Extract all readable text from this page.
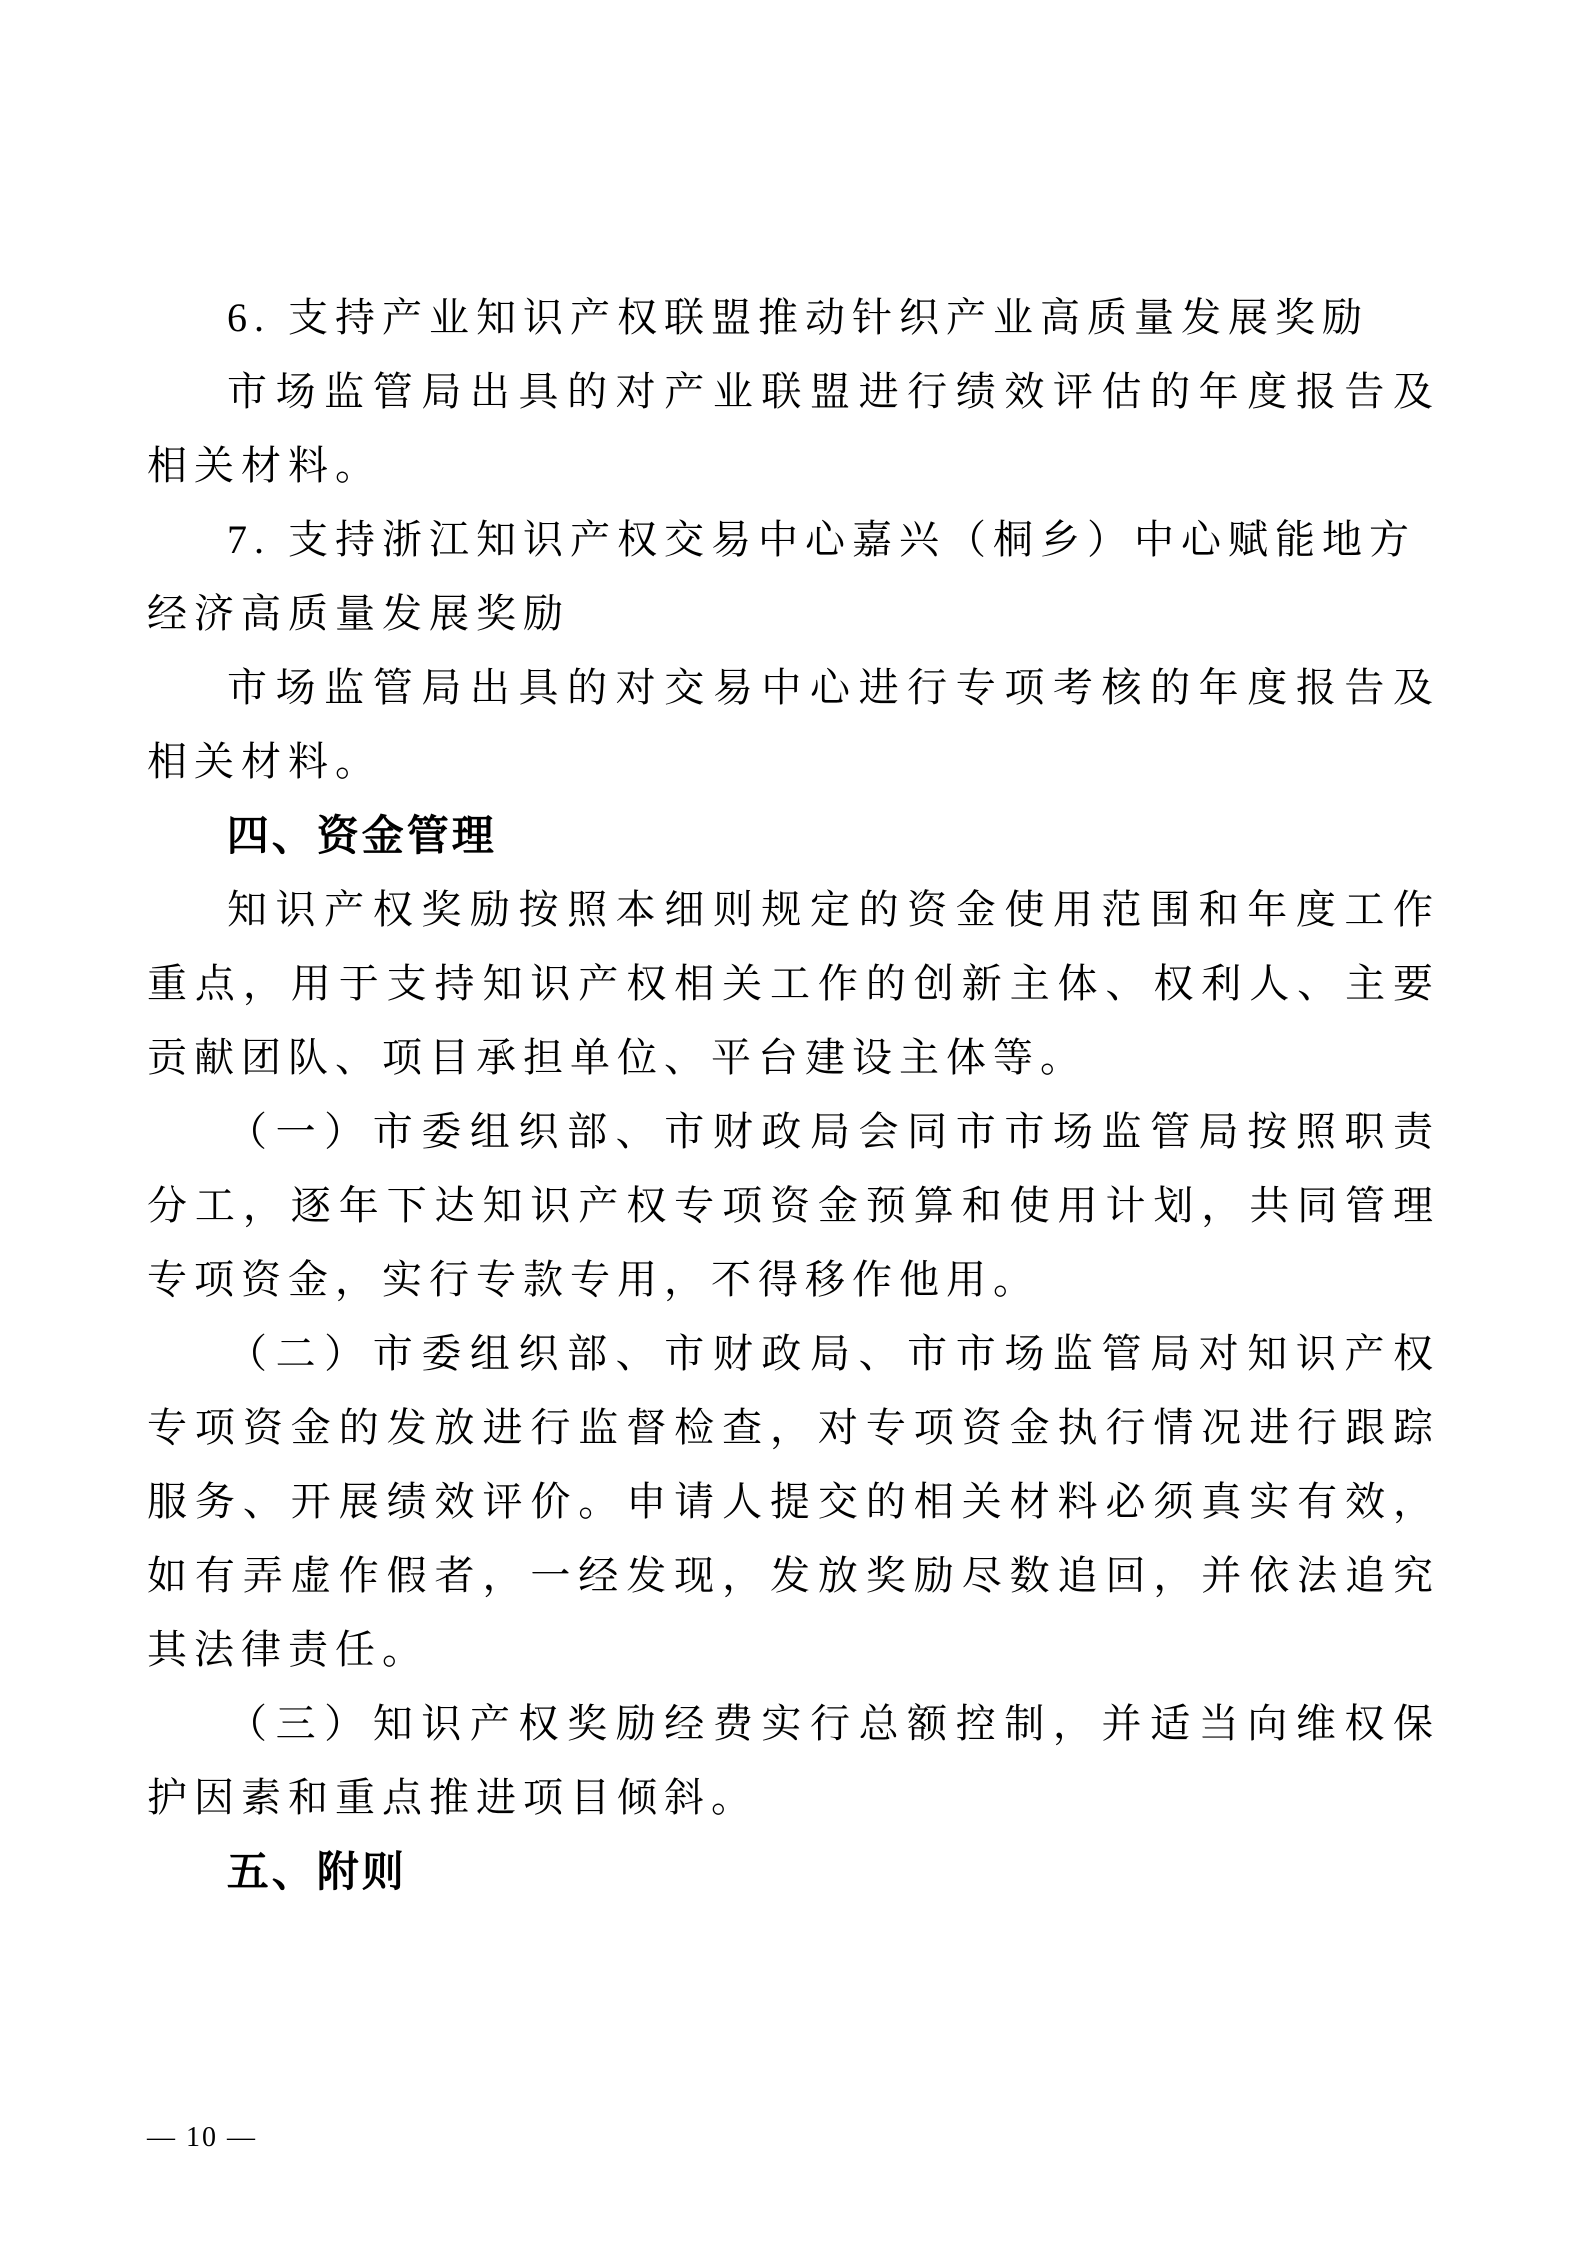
6. 支持产业知识产权联盟推动针织产业高质量发展奖励

市场监管局出具的对产业联盟进行绩效评估的年度报告及相关材料。

7. 支持浙江知识产权交易中心嘉兴（桐乡）中心赋能地方经济高质量发展奖励

市场监管局出具的对交易中心进行专项考核的年度报告及相关材料。

四、资金管理

知识产权奖励按照本细则规定的资金使用范围和年度工作重点，用于支持知识产权相关工作的创新主体、权利人、主要贡献团队、项目承担单位、平台建设主体等。

（一）市委组织部、市财政局会同市市场监管局按照职责分工，逐年下达知识产权专项资金预算和使用计划，共同管理专项资金，实行专款专用，不得移作他用。

（二）市委组织部、市财政局、市市场监管局对知识产权专项资金的发放进行监督检查，对专项资金执行情况进行跟踪服务、开展绩效评价。申请人提交的相关材料必须真实有效，如有弄虚作假者，一经发现，发放奖励尽数追回，并依法追究其法律责任。

（三）知识产权奖励经费实行总额控制，并适当向维权保护因素和重点推进项目倾斜。

五、附则

— 10 —
